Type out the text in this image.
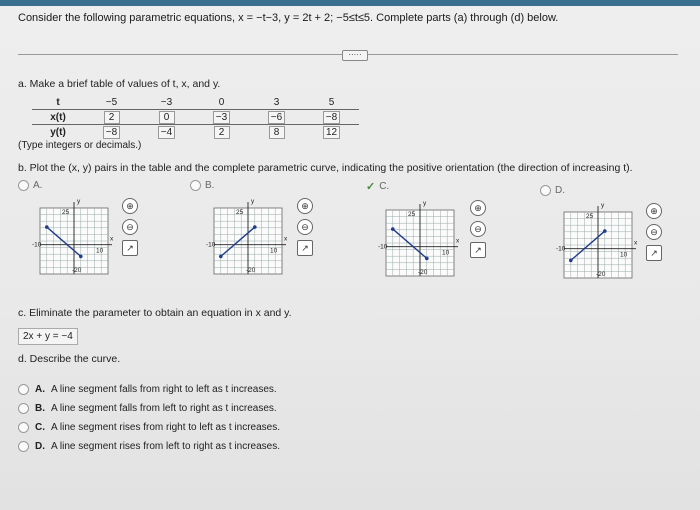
Consider the following parametric equations, x = −t−3, y = 2t + 2; −5≤t≤5. Complete parts (a) through (d) below.
·····
a. Make a brief table of values of t, x, and y.
t	−5	−3	0	3	5
x(t)	2	0	−3	−6	−8
y(t)	−8	−4	2	8	12
(Type integers or decimals.)
b. Plot the (x, y) pairs in the table and the complete parametric curve, indicating the positive orientation (the direction of increasing t).
A.	B.	✓ C.	D.
25
-20
-10
10
x
y
25
-20
-10
10
x
y
25
-20
-10
10
x
y
25
-20
-10
10
x
y
⊕
⊖
↗
⊕
⊖
↗
⊕
⊖
↗
⊕
⊖
↗
c. Eliminate the parameter to obtain an equation in x and y.
2x + y = −4
d. Describe the curve.
A. A line segment falls from right to left as t increases.
B. A line segment falls from left to right as t increases.
C. A line segment rises from right to left as t increases.
D. A line segment rises from left to right as t increases.
